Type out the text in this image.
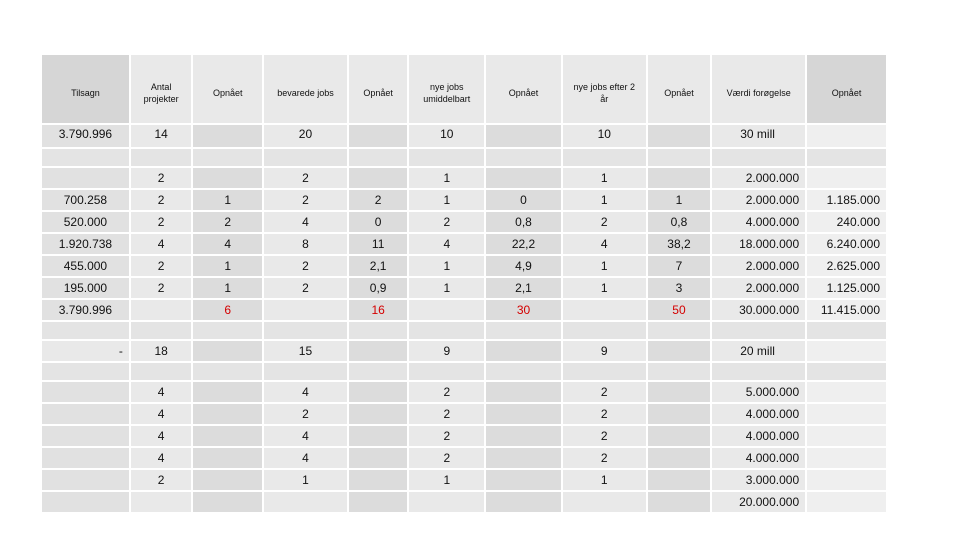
Tilsagn	Antal projekter	Opnået	bevarede jobs	Opnået	nye jobs umiddelbart	Opnået	nye jobs efter 2 år	Opnået	Værdi forøgelse	Opnået
3.790.996	14		20		10		10		30 mill	

	2		2		1		1		2.000.000	
700.258	2	1	2	2	1	0	1	1	2.000.000	1.185.000
520.000	2	2	4	0	2	0,8	2	0,8	4.000.000	240.000
1.920.738	4	4	8	11	4	22,2	4	38,2	18.000.000	6.240.000
455.000	2	1	2	2,1	1	4,9	1	7	2.000.000	2.625.000
195.000	2	1	2	0,9	1	2,1	1	3	2.000.000	1.125.000
3.790.996		6		16		30		50	30.000.000	11.415.000

-	18		15		9		9		20 mill	

	4		4		2		2		5.000.000	
	4		2		2		2		4.000.000	
	4		4		2		2		4.000.000	
	4		4		2		2		4.000.000	
	2		1		1		1		3.000.000	
									20.000.000	
